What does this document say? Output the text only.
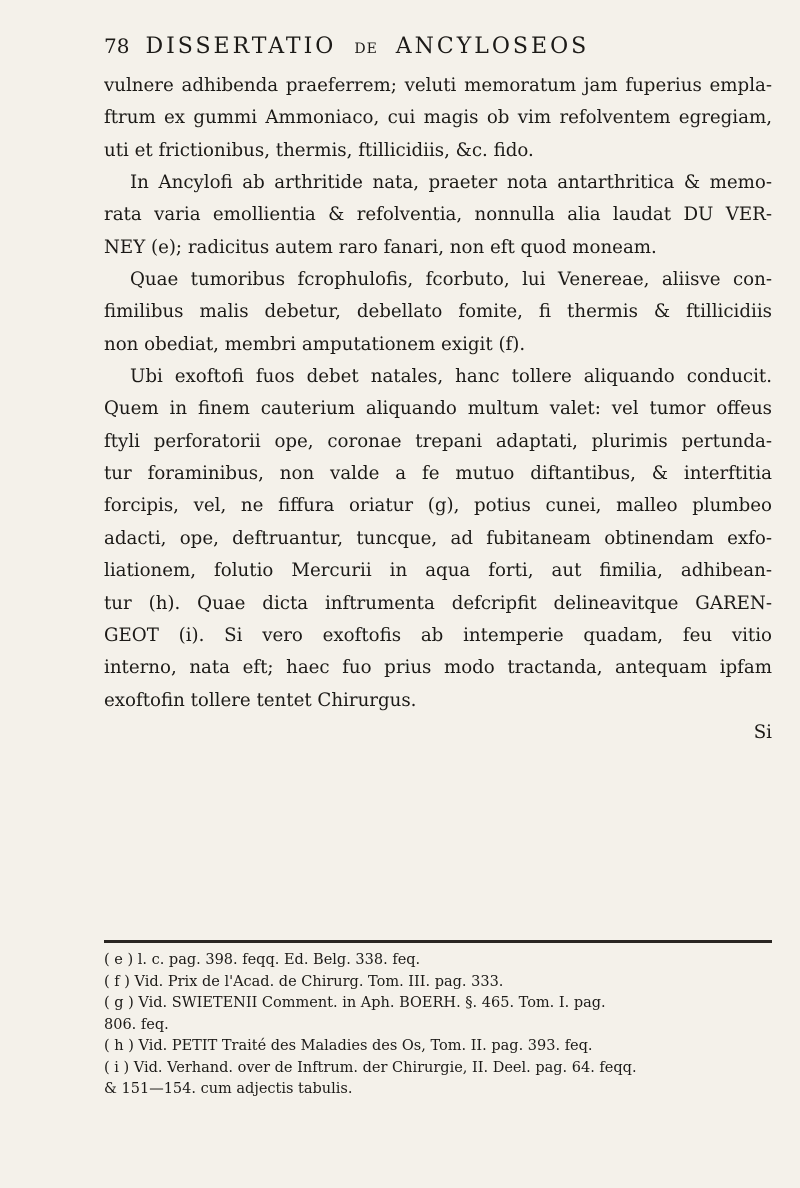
78 DISSERTATIO DE ANCYLOSEOS
vulnere adhibenda praeferrem; veluti memoratum jam fuperius empla-
ftrum ex gummi Ammoniaco, cui magis ob vim refolventem egregiam,
uti et frictionibus, thermis, ftillicidiis, &c. fido.
In Ancylofi ab arthritide nata, praeter nota antarthritica & memo-
rata varia emollientia & refolventia, nonnulla alia laudat DU VER-
NEY (e); radicitus autem raro fanari, non eft quod moneam.
Quae tumoribus fcrophulofis, fcorbuto, lui Venereae, aliisve con-
fimilibus malis debetur, debellato fomite, fi thermis & ftillicidiis
non obediat, membri amputationem exigit (f).
Ubi exoftofi fuos debet natales, hanc tollere aliquando conducit.
Quem in finem cauterium aliquando multum valet: vel tumor offeus
ftyli perforatorii ope, coronae trepani adaptati, plurimis pertunda-
tur foraminibus, non valde a fe mutuo diftantibus, & interftitia
forcipis, vel, ne fiffura oriatur (g), potius cunei, malleo plumbeo
adacti, ope, deftruantur, tuncque, ad fubitaneam obtinendam exfo-
liationem, folutio Mercurii in aqua forti, aut fimilia, adhibean-
tur (h). Quae dicta inftrumenta defcripfit delineavitque GAREN-
GEOT (i). Si vero exoftofis ab intemperie quadam, feu vitio
interno, nata eft; haec fuo prius modo tractanda, antequam ipfam
exoftofin tollere tentet Chirurgus.
Si
( e ) l. c. pag. 398. feqq. Ed. Belg. 338. feq.
( f ) Vid. Prix de l'Acad. de Chirurg. Tom. III. pag. 333.
( g ) Vid. SWIETENII Comment. in Aph. BOERH. §. 465. Tom. I. pag.
806. feq.
( h ) Vid. PETIT Traité des Maladies des Os, Tom. II. pag. 393. feq.
( i ) Vid. Verhand. over de Inftrum. der Chirurgie, II. Deel. pag. 64. feqq.
& 151—154. cum adjectis tabulis.
